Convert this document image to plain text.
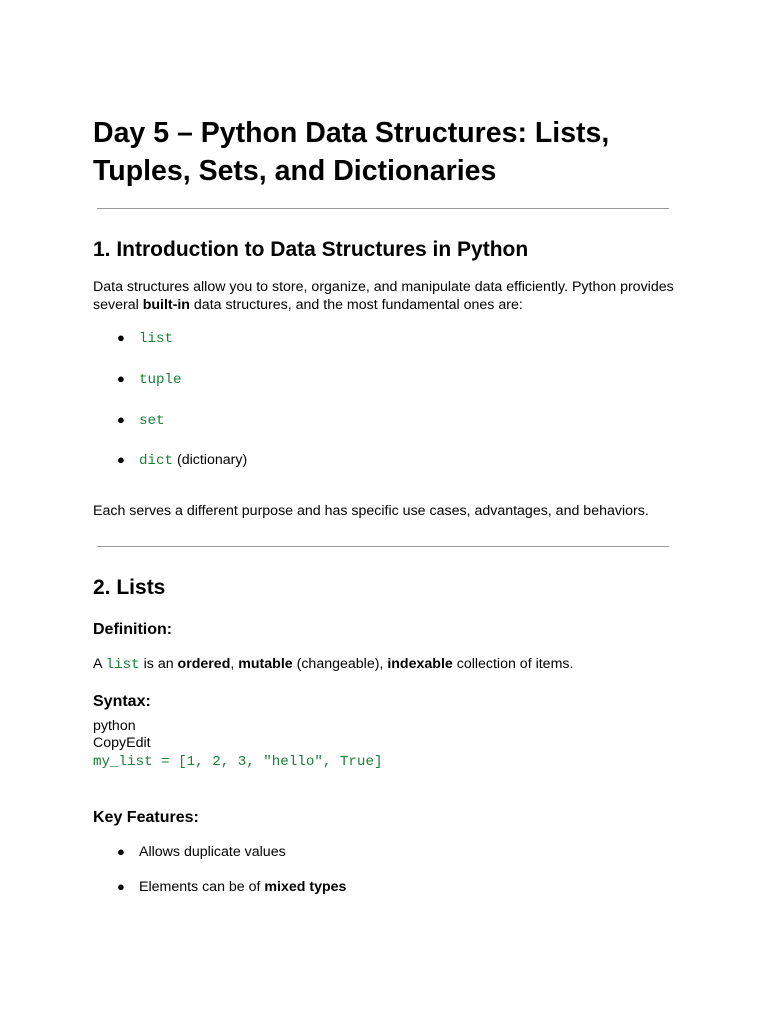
Day 5 – Python Data Structures: Lists, Tuples, Sets, and Dictionaries
1. Introduction to Data Structures in Python
Data structures allow you to store, organize, and manipulate data efficiently. Python provides
several built-in data structures, and the most fundamental ones are:
● list
● tuple
● set
● dict (dictionary)
Each serves a different purpose and has specific use cases, advantages, and behaviors.
2. Lists
Definition:
A list is an ordered, mutable (changeable), indexable collection of items.
Syntax:
python
CopyEdit
my_list = [1, 2, 3, "hello", True]
Key Features:
● Allows duplicate values
● Elements can be of mixed types
